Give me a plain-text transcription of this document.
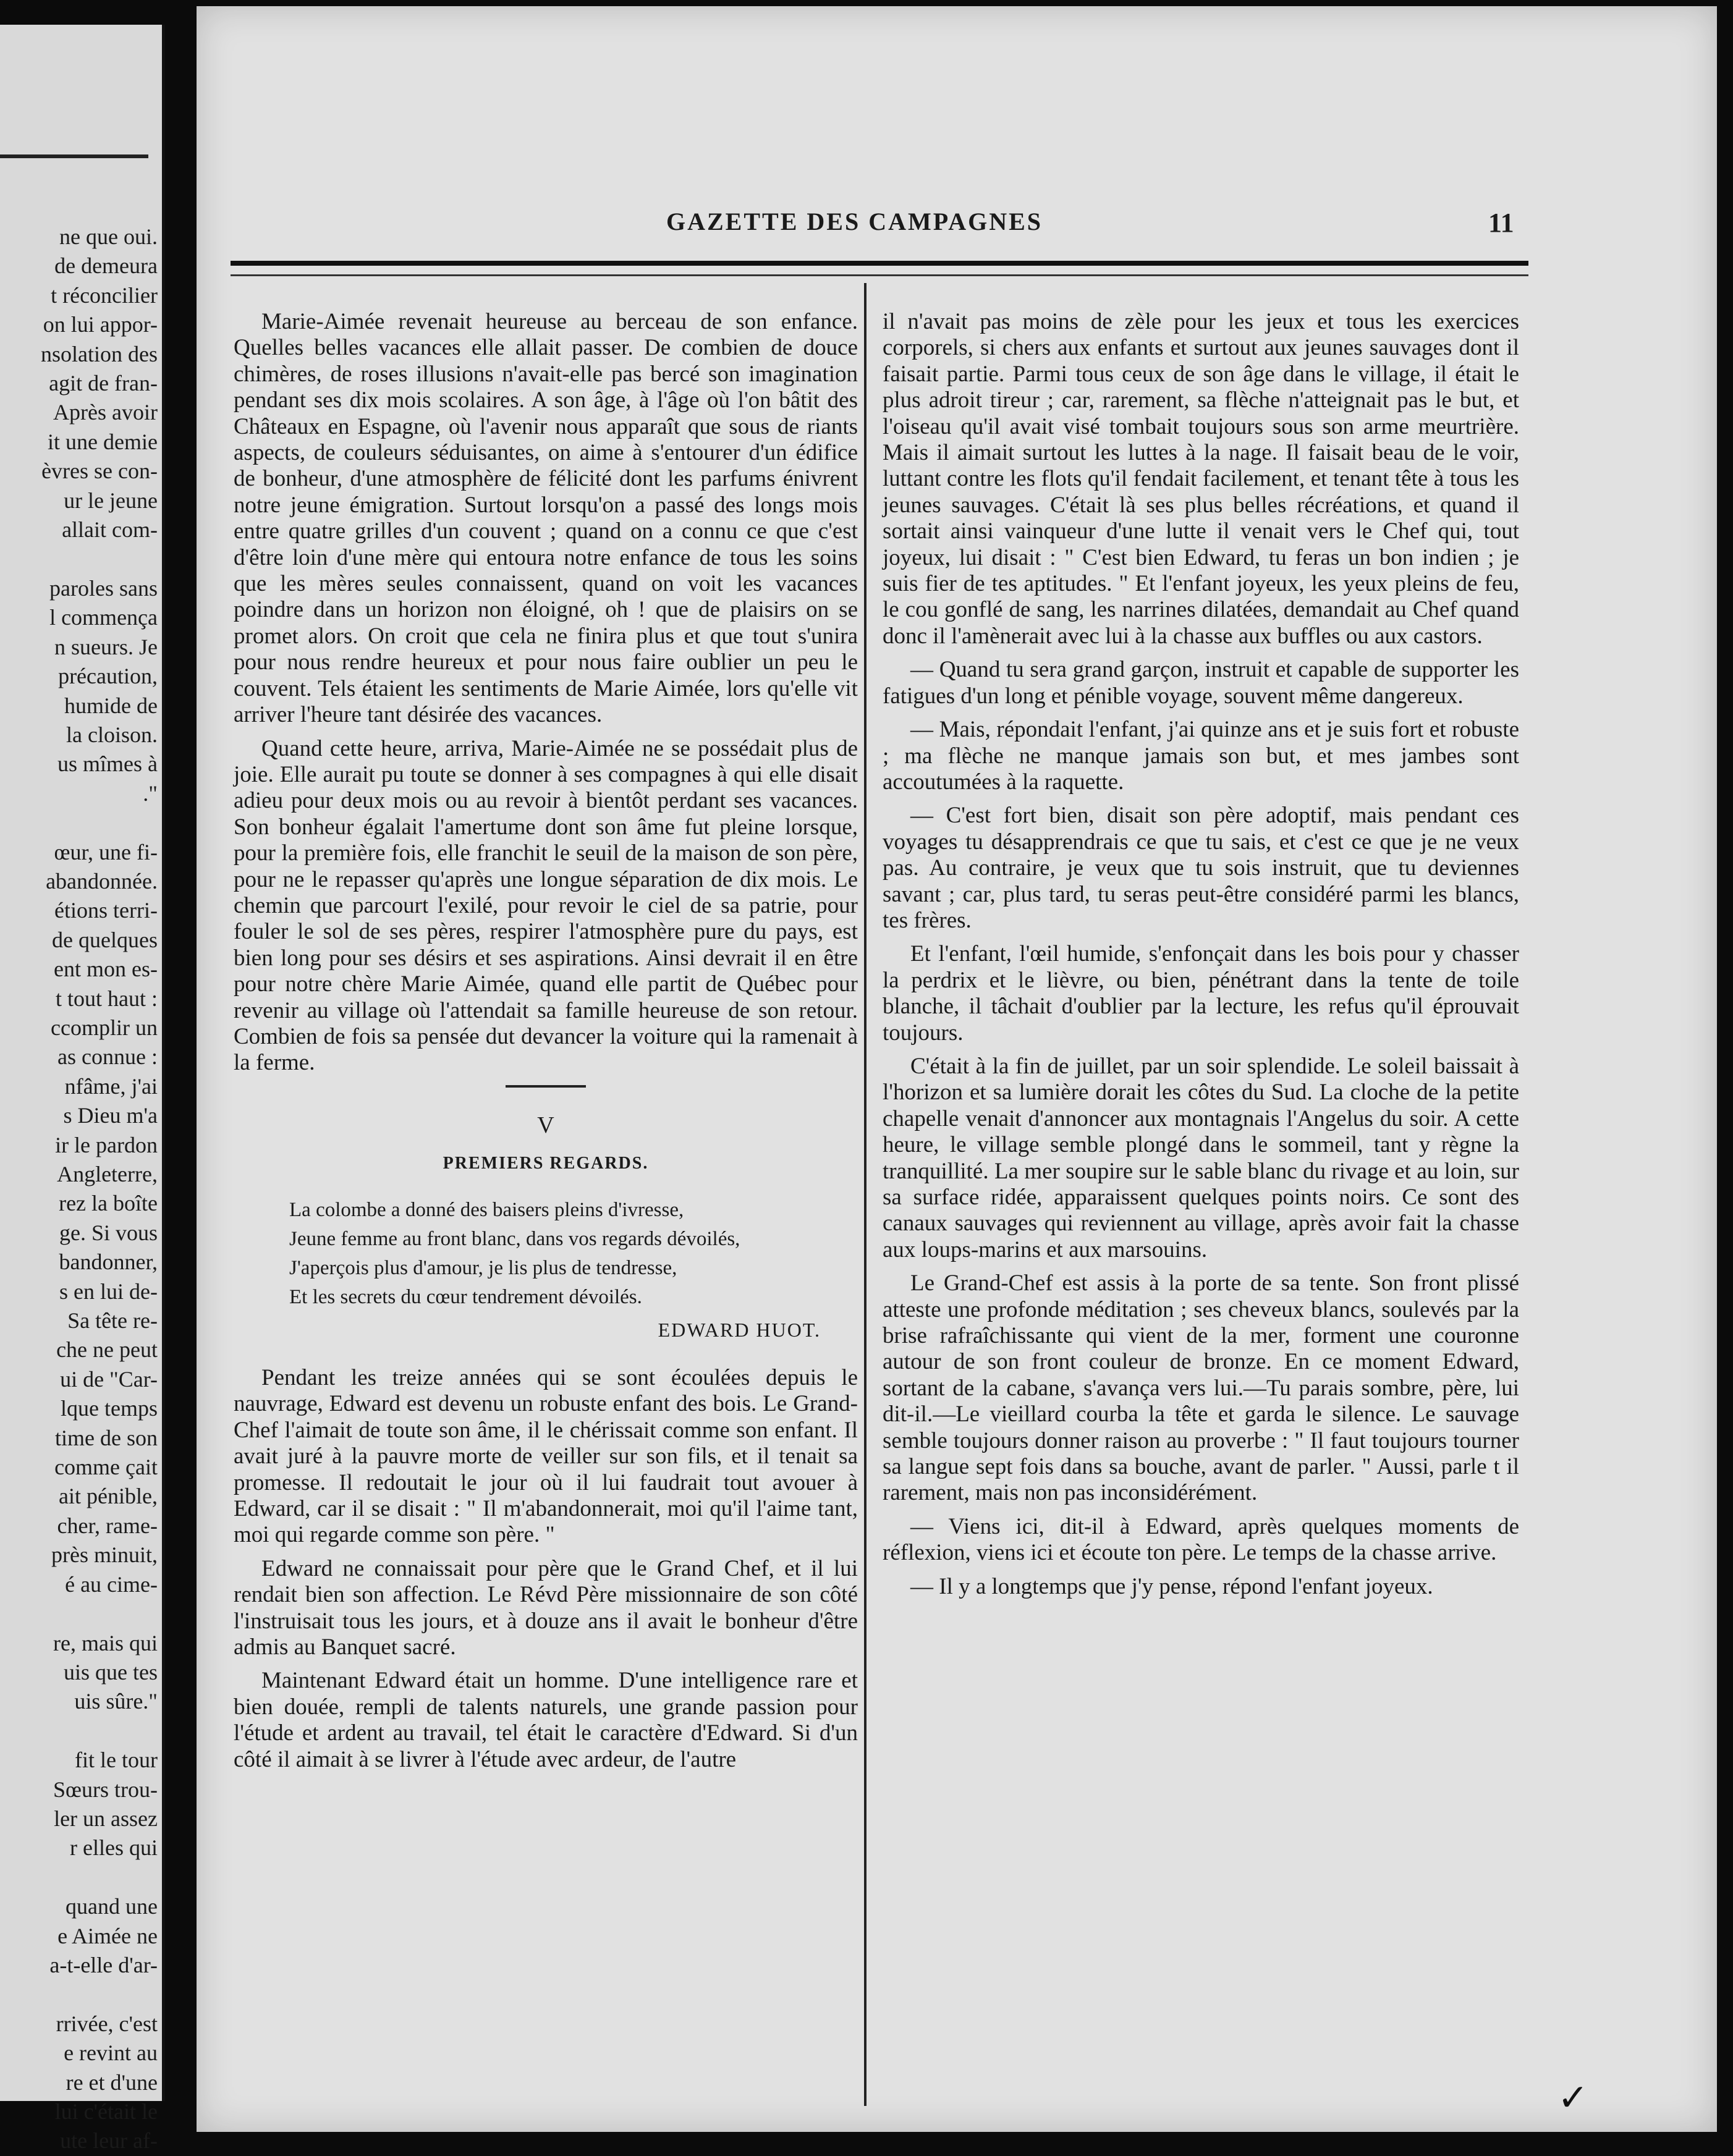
ne que oui.
de demeura
t réconcilier
on lui appor-
nsolation des
agit de fran-
Après avoir
it une demie
èvres se con-
ur le jeune
allait com-

paroles sans
l commença
n sueurs. Je
précaution,
humide de
la cloison.
us mîmes à
."

œur, une fi-
abandonnée.
étions terri-
de quelques
ent mon es-
t tout haut :
ccomplir un
as connue :
nfâme, j'ai
s Dieu m'a
ir le pardon
Angleterre,
rez la boîte
ge. Si vous
bandonner,
s en lui de-
Sa tête re-
che ne peut
ui de "Car-
lque temps
time de son
comme çait
ait pénible,
cher, rame-
près minuit,
é au cime-

re, mais qui
uis que tes
uis sûre."

fit le tour
Sœurs trou-
ler un assez
r elles qui

quand une
e Aimée ne
a-t-elle d'ar-

rrivée, c'est
e revint au
re et d'une
lui c'était le
ute leur af-
GAZETTE DES CAMPAGNES	11

Marie-Aimée revenait heureuse au berceau de son enfance. Quelles belles vacances elle allait passer. De combien de douce chimères, de roses illusions n'avait-elle pas bercé son imagination pendant ses dix mois scolaires. A son âge, à l'âge où l'on bâtit des Châteaux en Espagne, où l'avenir nous apparaît que sous de riants aspects, de couleurs séduisantes, on aime à s'entourer d'un édifice de bonheur, d'une atmosphère de félicité dont les parfums énivrent notre jeune émigration. Surtout lorsqu'on a passé des longs mois entre quatre grilles d'un couvent ; quand on a connu ce que c'est d'être loin d'une mère qui entoura notre enfance de tous les soins que les mères seules connaissent, quand on voit les vacances poindre dans un horizon non éloigné, oh ! que de plaisirs on se promet alors. On croit que cela ne finira plus et que tout s'unira pour nous rendre heureux et pour nous faire oublier un peu le couvent. Tels étaient les sentiments de Marie Aimée, lors qu'elle vit arriver l'heure tant désirée des vacances.

Quand cette heure, arriva, Marie-Aimée ne se possédait plus de joie. Elle aurait pu toute se donner à ses compagnes à qui elle disait adieu pour deux mois ou au revoir à bientôt perdant ses vacances. Son bonheur égalait l'amertume dont son âme fut pleine lorsque, pour la première fois, elle franchit le seuil de la maison de son père, pour ne le repasser qu'après une longue séparation de dix mois. Le chemin que parcourt l'exilé, pour revoir le ciel de sa patrie, pour fouler le sol de ses pères, respirer l'atmosphère pure du pays, est bien long pour ses désirs et ses aspirations. Ainsi devrait il en être pour notre chère Marie Aimée, quand elle partit de Québec pour revenir au village où l'attendait sa famille heureuse de son retour. Combien de fois sa pensée dut devancer la voiture qui la ramenait à la ferme.

V
PREMIERS REGARDS.
La colombe a donné des baisers pleins d'ivresse,
Jeune femme au front blanc, dans vos regards dévoilés,
J'aperçois plus d'amour, je lis plus de tendresse,
Et les secrets du cœur tendrement dévoilés.
EDWARD HUOT.

Pendant les treize années qui se sont écoulées depuis le nauvrage, Edward est devenu un robuste enfant des bois. Le Grand-Chef l'aimait de toute son âme, il le chérissait comme son enfant. Il avait juré à la pauvre morte de veiller sur son fils, et il tenait sa promesse. Il redoutait le jour où il lui faudrait tout avouer à Edward, car il se disait : " Il m'abandonnerait, moi qu'il l'aime tant, moi qui regarde comme son père. "

Edward ne connaissait pour père que le Grand Chef, et il lui rendait bien son affection. Le Révd Père missionnaire de son côté l'instruisait tous les jours, et à douze ans il avait le bonheur d'être admis au Banquet sacré.

Maintenant Edward était un homme. D'une intelligence rare et bien douée, rempli de talents naturels, une grande passion pour l'étude et ardent au travail, tel était le caractère d'Edward. Si d'un côté il aimait à se livrer à l'étude avec ardeur, de l'autre

il n'avait pas moins de zèle pour les jeux et tous les exercices corporels, si chers aux enfants et surtout aux jeunes sauvages dont il faisait partie. Parmi tous ceux de son âge dans le village, il était le plus adroit tireur ; car, rarement, sa flèche n'atteignait pas le but, et l'oiseau qu'il avait visé tombait toujours sous son arme meurtrière. Mais il aimait surtout les luttes à la nage. Il faisait beau de le voir, luttant contre les flots qu'il fendait facilement, et tenant tête à tous les jeunes sauvages. C'était là ses plus belles récréations, et quand il sortait ainsi vainqueur d'une lutte il venait vers le Chef qui, tout joyeux, lui disait : " C'est bien Edward, tu feras un bon indien ; je suis fier de tes aptitudes. " Et l'enfant joyeux, les yeux pleins de feu, le cou gonflé de sang, les narrines dilatées, demandait au Chef quand donc il l'amènerait avec lui à la chasse aux buffles ou aux castors.

— Quand tu sera grand garçon, instruit et capable de supporter les fatigues d'un long et pénible voyage, souvent même dangereux.

— Mais, répondait l'enfant, j'ai quinze ans et je suis fort et robuste ; ma flèche ne manque jamais son but, et mes jambes sont accoutumées à la raquette.

— C'est fort bien, disait son père adoptif, mais pendant ces voyages tu désapprendrais ce que tu sais, et c'est ce que je ne veux pas. Au contraire, je veux que tu sois instruit, que tu deviennes savant ; car, plus tard, tu seras peut-être considéré parmi les blancs, tes frères.

Et l'enfant, l'œil humide, s'enfonçait dans les bois pour y chasser la perdrix et le lièvre, ou bien, pénétrant dans la tente de toile blanche, il tâchait d'oublier par la lecture, les refus qu'il éprouvait toujours.

C'était à la fin de juillet, par un soir splendide. Le soleil baissait à l'horizon et sa lumière dorait les côtes du Sud. La cloche de la petite chapelle venait d'annoncer aux montagnais l'Angelus du soir. A cette heure, le village semble plongé dans le sommeil, tant y règne la tranquillité. La mer soupire sur le sable blanc du rivage et au loin, sur sa surface ridée, apparaissent quelques points noirs. Ce sont des canaux sauvages qui reviennent au village, après avoir fait la chasse aux loups-marins et aux marsouins.

Le Grand-Chef est assis à la porte de sa tente. Son front plissé atteste une profonde méditation ; ses cheveux blancs, soulevés par la brise rafraîchissante qui vient de la mer, forment une couronne autour de son front couleur de bronze. En ce moment Edward, sortant de la cabane, s'avança vers lui.—Tu parais sombre, père, lui dit-il.—Le vieillard courba la tête et garda le silence. Le sauvage semble toujours donner raison au proverbe : " Il faut toujours tourner sa langue sept fois dans sa bouche, avant de parler. " Aussi, parle t il rarement, mais non pas inconsidérément.

— Viens ici, dit-il à Edward, après quelques moments de réflexion, viens ici et écoute ton père. Le temps de la chasse arrive.

— Il y a longtemps que j'y pense, répond l'enfant joyeux.

✓
